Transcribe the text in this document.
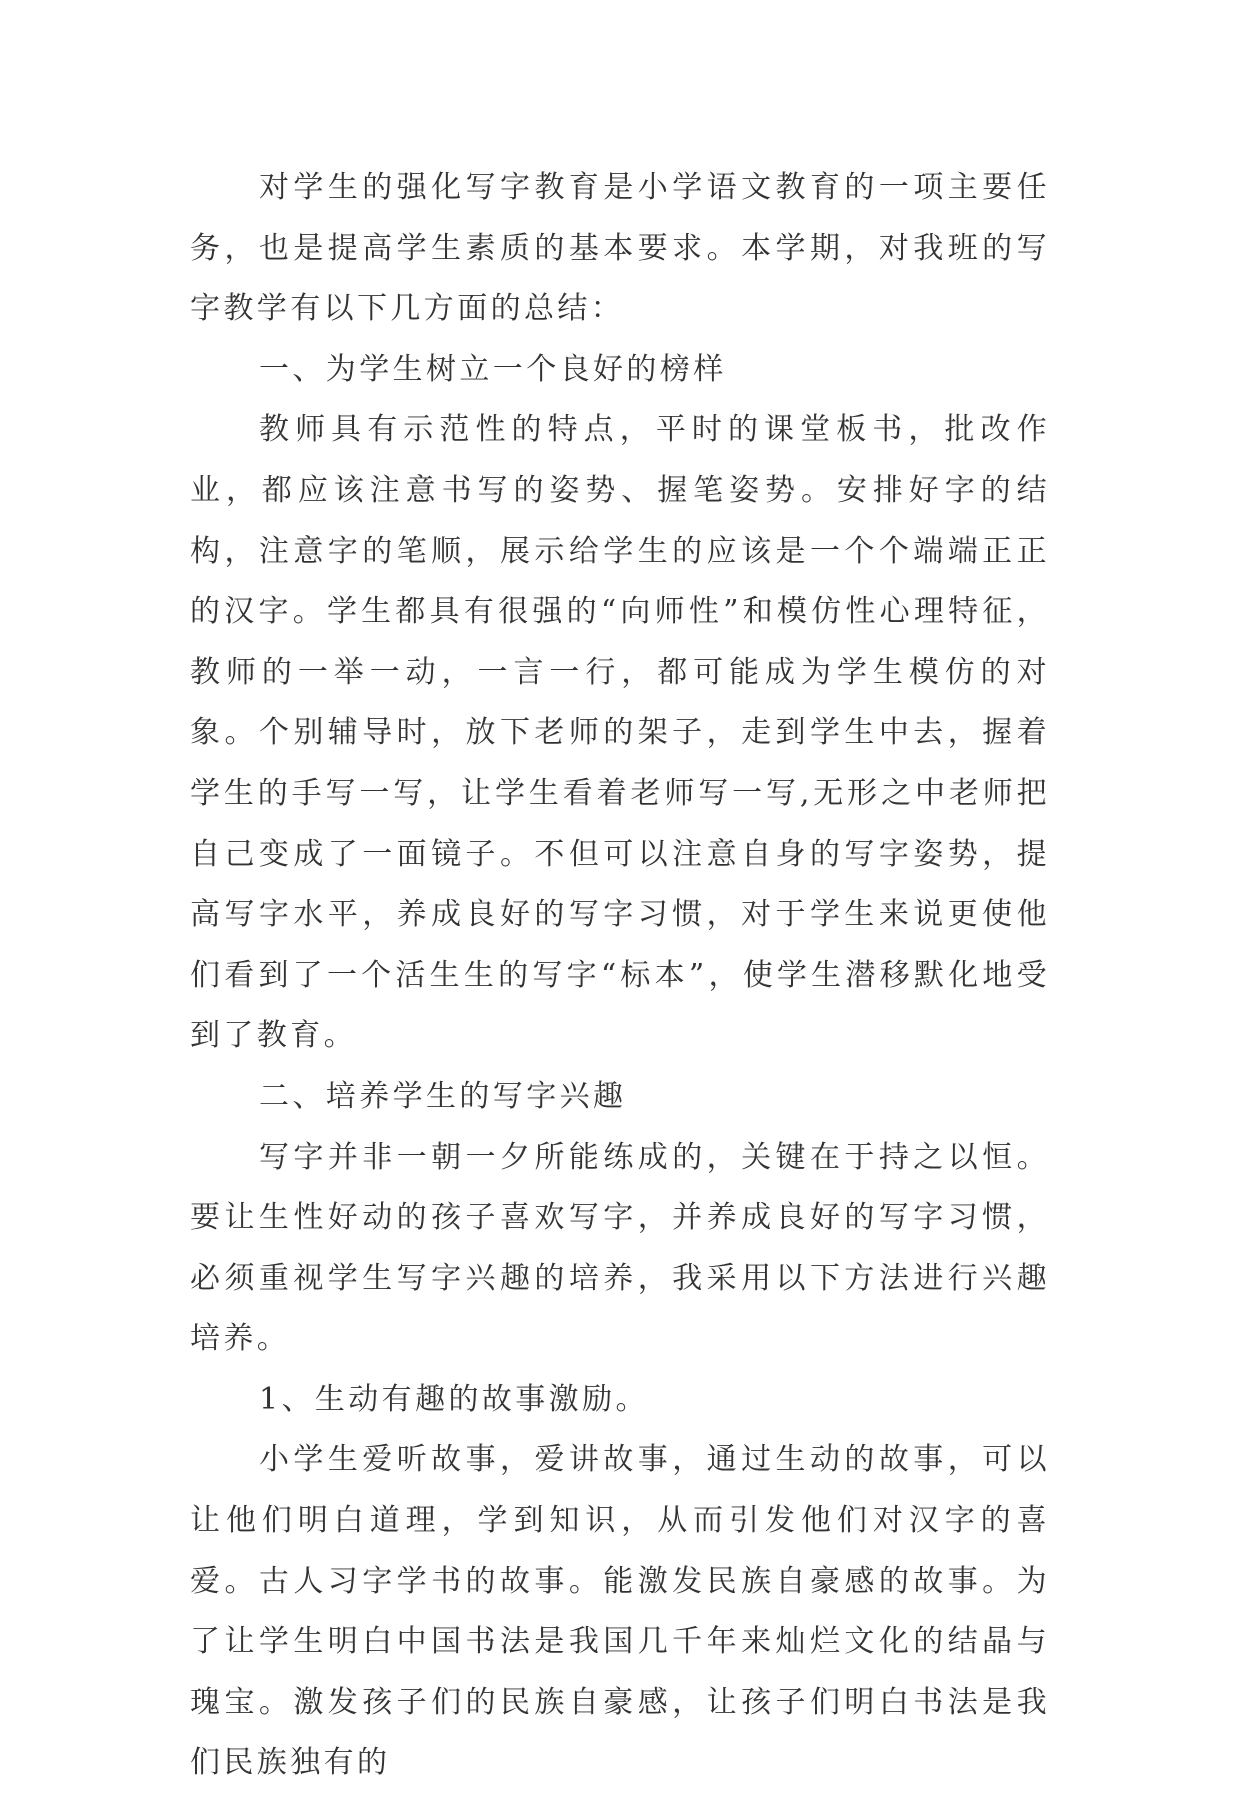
对学生的强化写字教育是小学语文教育的一项主要任务，也是提高学生素质的基本要求。本学期，对我班的写字教学有以下几方面的总结：

一、为学生树立一个良好的榜样

教师具有示范性的特点，平时的课堂板书，批改作业，都应该注意书写的姿势、握笔姿势。安排好字的结构，注意字的笔顺，展示给学生的应该是一个个端端正正的汉字。学生都具有很强的“向师性”和模仿性心理特征，教师的一举一动，一言一行，都可能成为学生模仿的对象。个别辅导时，放下老师的架子，走到学生中去，握着学生的手写一写，让学生看着老师写一写,无形之中老师把自己变成了一面镜子。不但可以注意自身的写字姿势，提高写字水平，养成良好的写字习惯，对于学生来说更使他们看到了一个活生生的写字“标本”，使学生潜移默化地受到了教育。

二、培养学生的写字兴趣

写字并非一朝一夕所能练成的，关键在于持之以恒。要让生性好动的孩子喜欢写字，并养成良好的写字习惯，必须重视学生写字兴趣的培养，我采用以下方法进行兴趣培养。

1、生动有趣的故事激励。

小学生爱听故事，爱讲故事，通过生动的故事，可以让他们明白道理，学到知识，从而引发他们对汉字的喜爱。古人习字学书的故事。能激发民族自豪感的故事。为了让学生明白中国书法是我国几千年来灿烂文化的结晶与瑰宝。激发孩子们的民族自豪感，让孩子们明白书法是我们民族独有的
